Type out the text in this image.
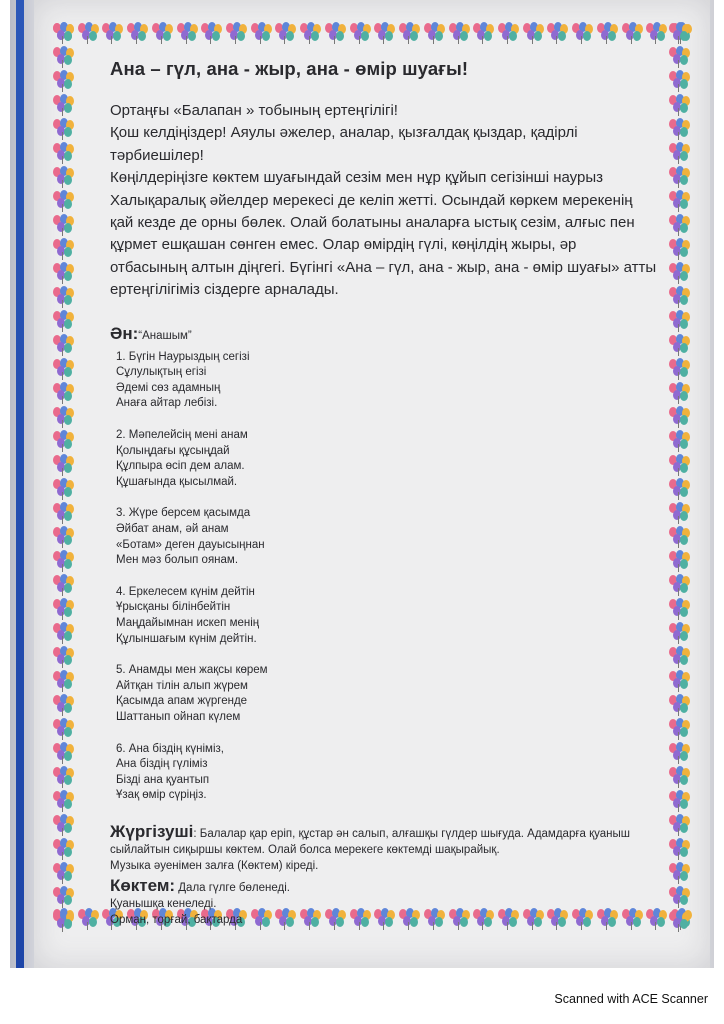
Ана – гүл, ана - жыр, ана - өмір шуағы!

Ортаңғы «Балапан » тобының ертеңгілігі!

Қош келдіңіздер! Аяулы әжелер, аналар, қызғалдақ қыздар, қадірлі

тәрбиешілер!

Көңілдеріңізге көктем шуағындай сезім мен нұр құйып сегізінші наурыз

Халықаралық әйелдер мерекесі де келіп жетті. Осындай көркем мерекенің

қай кезде де орны бөлек. Олай болатыны аналарға ыстық сезім, алғыс пен

құрмет ешқашан сөнген емес. Олар өмірдің гүлі, көңілдің жыры, әр

отбасының алтын діңгегі. Бүгінгі «Ана – гүл, ана - жыр, ана - өмір шуағы» атты

ертеңгілігіміз сіздерге арналады.

Ән:“Анашым”

1. Бүгін Наурыздың сегізі

Сұлулықтың егізі

Әдемі сөз адамның

Анаға айтар лебізі.

2. Мәпелейсің мені анам

Қолыңдағы құсыңдай

Құлпыра өсіп дем алам.

Құшағында қысылмай.

3. Жүре берсем қасымда

Әйбат анам, әй анам

«Ботам» деген дауысыңнан

Мен мәз болып оянам.

4. Еркелесем күнім дейтін

Ұрысқаны білінбейтін

Маңдайымнан искеп менің

Құлыншағым күнім дейтін.

5. Анамды мен жақсы көрем

Айтқан тілін алып жүрем

Қасымда апам жүргенде

Шаттанып ойнап күлем

6. Ана біздің күніміз,

Ана біздің гүліміз

Бізді ана қуантып

Ұзақ өмір сүріңіз.

Жүргізуші: Балалар қар еріп, құстар ән салып, алғашқы гүлдер шығуда. Адамдарға қуаныш

сыйлайтын сиқыршы көктем. Олай болса мерекеге көктемді шақырайық.

Музыка әуенімен залға (Көктем) кіреді.

Көктем: Дала гүлге бөленеді.

Қуанышқа кенеледі.

Орман, торғай, бақтарда

Scanned with ACE Scanner
